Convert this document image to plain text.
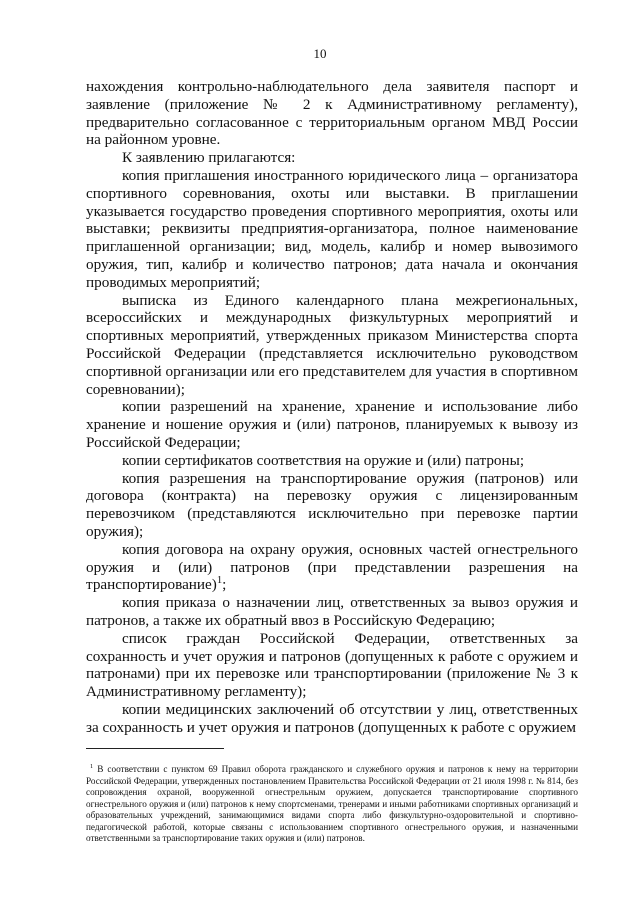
10

нахождения контрольно-наблюдательного дела заявителя паспорт и заявление (приложение № 2 к Административному регламенту), предварительно согласованное с территориальным органом МВД России на районном уровне.

К заявлению прилагаются:

копия приглашения иностранного юридического лица – организатора спортивного соревнования, охоты или выставки. В приглашении указывается государство проведения спортивного мероприятия, охоты или выставки; реквизиты предприятия-организатора, полное наименование приглашенной организации; вид, модель, калибр и номер вывозимого оружия, тип, калибр и количество патронов; дата начала и окончания проводимых мероприятий;

выписка из Единого календарного плана межрегиональных, всероссийских и международных физкультурных мероприятий и спортивных мероприятий, утвержденных приказом Министерства спорта Российской Федерации (представляется исключительно руководством спортивной организации или его представителем для участия в спортивном соревновании);

копии разрешений на хранение, хранение и использование либо хранение и ношение оружия и (или) патронов, планируемых к вывозу из Российской Федерации;

копии сертификатов соответствия на оружие и (или) патроны;

копия разрешения на транспортирование оружия (патронов) или договора (контракта) на перевозку оружия с лицензированным перевозчиком (представляются исключительно при перевозке партии оружия);

копия договора на охрану оружия, основных частей огнестрельного оружия и (или) патронов (при представлении разрешения на транспортирование)$^1$;

копия приказа о назначении лиц, ответственных за вывоз оружия и патронов, а также их обратный ввоз в Российскую Федерацию;

список граждан Российской Федерации, ответственных за сохранность и учет оружия и патронов (допущенных к работе с оружием и патронами) при их перевозке или транспортировании (приложение № 3 к Административному регламенту);

копии медицинских заключений об отсутствии у лиц, ответственных за сохранность и учет оружия и патронов (допущенных к работе с оружием

$^1$ В соответствии с пунктом 69 Правил оборота гражданского и служебного оружия и патронов к нему на территории Российской Федерации, утвержденных постановлением Правительства Российской Федерации от 21 июля 1998 г. № 814, без сопровождения охраной, вооруженной огнестрельным оружием, допускается транспортирование спортивного огнестрельного оружия и (или) патронов к нему спортсменами, тренерами и иными работниками спортивных организаций и образовательных учреждений, занимающимися видами спорта либо физкультурно-оздоровительной и спортивно-педагогической работой, которые связаны с использованием спортивного огнестрельного оружия, и назначенными ответственными за транспортирование таких оружия и (или) патронов.
